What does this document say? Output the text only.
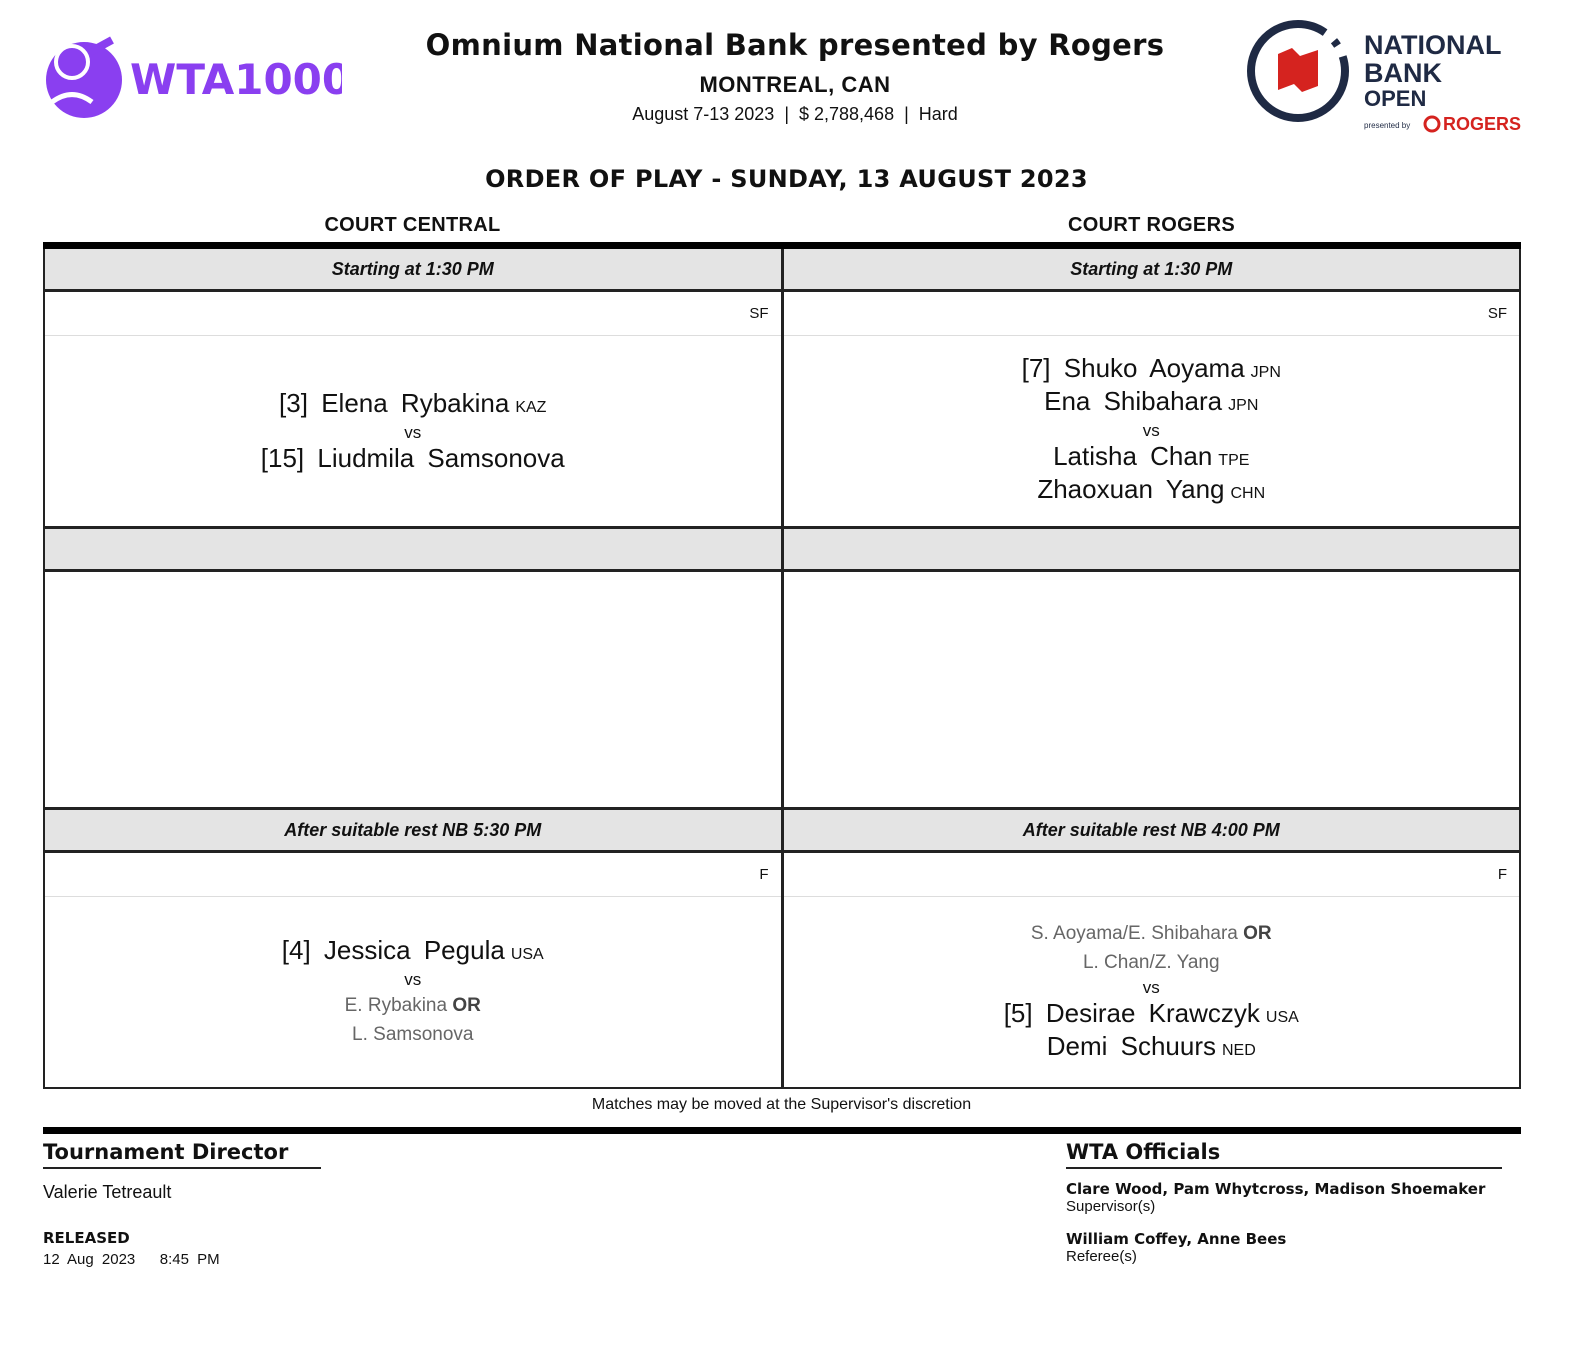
WTA1000
Omnium National Bank presented by Rogers
MONTREAL, CAN
August 7-13 2023  |  $ 2,788,468  |  Hard
NATIONAL
BANK
OPEN
presented by ROGERS
ORDER OF PLAY - SUNDAY, 13 AUGUST 2023
COURT CENTRAL	COURT ROGERS
Starting at 1:30 PM
SF
[3] Elena Rybakina KAZ
vs
[15] Liudmila Samsonova
After suitable rest NB 5:30 PM
F
[4] Jessica Pegula USA
vs
E. Rybakina OR
L. Samsonova
Starting at 1:30 PM
SF
[7] Shuko Aoyama JPN
Ena Shibahara JPN
vs
Latisha Chan TPE
Zhaoxuan Yang CHN
After suitable rest NB 4:00 PM
F
S. Aoyama/E. Shibahara OR
L. Chan/Z. Yang
vs
[5] Desirae Krawczyk USA
Demi Schuurs NED
Matches may be moved at the Supervisor's discretion
Tournament Director
Valerie Tetreault
RELEASED
12 Aug 2023   8:45 PM
WTA Officials
Clare Wood, Pam Whytcross, Madison Shoemaker
Supervisor(s)
William Coffey, Anne Bees
Referee(s)
